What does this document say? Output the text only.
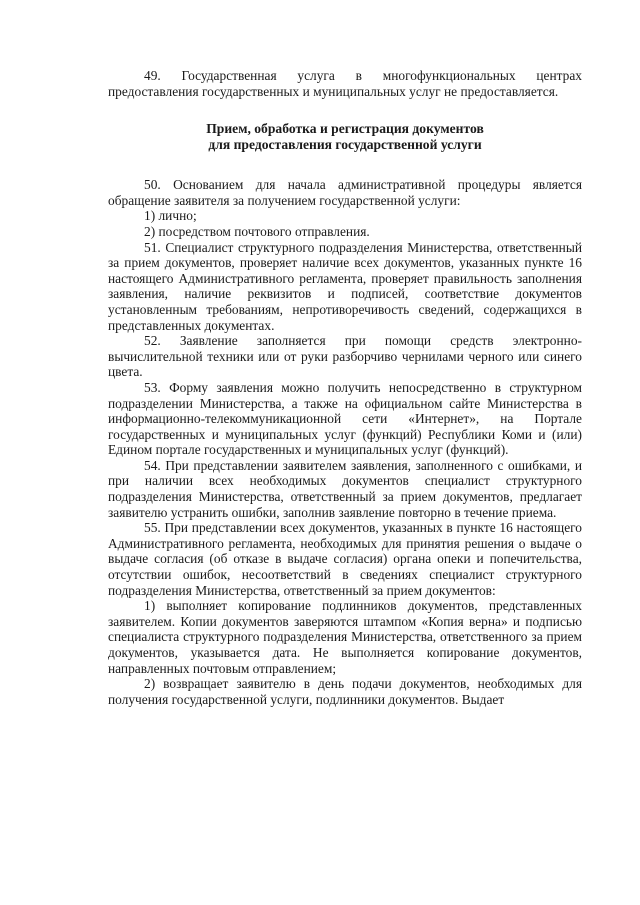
49. Государственная услуга в многофункциональных центрах предоставления государственных и муниципальных услуг не предоставляется.

Прием, обработка и регистрация документов
для предоставления государственной услуги

50. Основанием для начала административной процедуры является обращение заявителя за получением государственной услуги:

1) лично;

2) посредством почтового отправления.

51. Специалист структурного подразделения Министерства, ответственный за прием документов, проверяет наличие всех документов, указанных пункте 16 настоящего Административного регламента, проверяет правильность заполнения заявления, наличие реквизитов и подписей, соответствие документов установленным требованиям, непротиворечивость сведений, содержащихся в представленных документах.

52. Заявление заполняется при помощи средств электронно-вычислительной техники или от руки разборчиво чернилами черного или синего цвета.

53. Форму заявления можно получить непосредственно в структурном подразделении Министерства, а также на официальном сайте Министерства в информационно-телекоммуникационной сети «Интернет», на Портале государственных и муниципальных услуг (функций) Республики Коми и (или) Едином портале государственных и муниципальных услуг (функций).

54. При представлении заявителем заявления, заполненного с ошибками, и при наличии всех необходимых документов специалист структурного подразделения Министерства, ответственный за прием документов, предлагает заявителю устранить ошибки, заполнив заявление повторно в течение приема.

55. При представлении всех документов, указанных в пункте 16 настоящего Административного регламента, необходимых для принятия решения о выдаче о выдаче согласия (об отказе в выдаче согласия) органа опеки и попечительства, отсутствии ошибок, несоответствий в сведениях специалист структурного подразделения Министерства, ответственный за прием документов:

1) выполняет копирование подлинников документов, представленных заявителем. Копии документов заверяются штампом «Копия верна» и подписью специалиста структурного подразделения Министерства, ответственного за прием документов, указывается дата. Не выполняется копирование документов, направленных почтовым отправлением;

2) возвращает заявителю в день подачи документов, необходимых для получения государственной услуги, подлинники документов. Выдает
